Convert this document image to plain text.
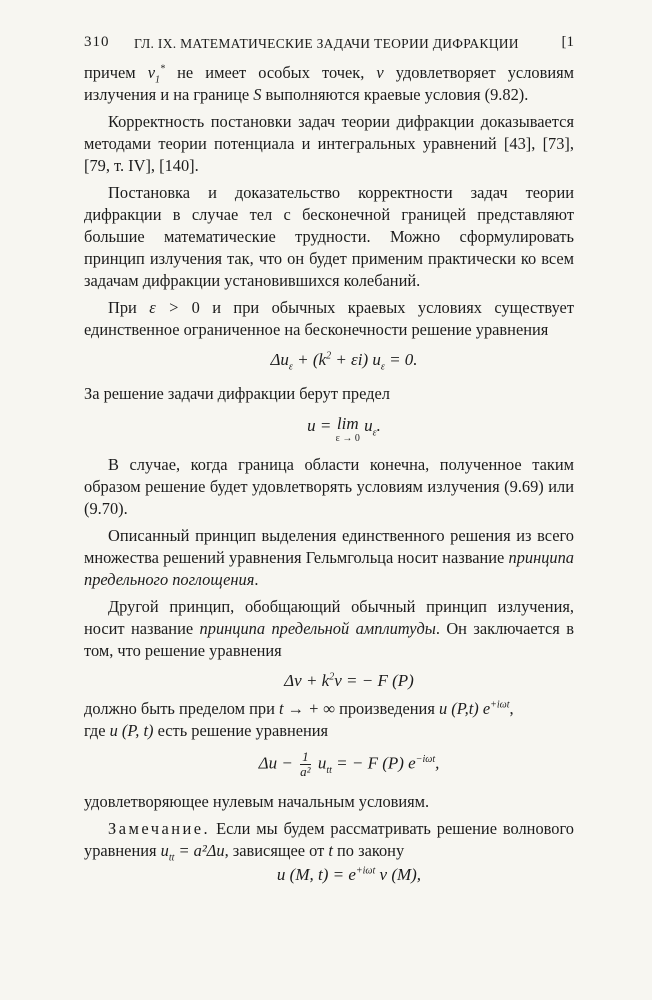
310 ГЛ. IX. МАТЕМАТИЧЕСКИЕ ЗАДАЧИ ТЕОРИИ ДИФРАКЦИИ	[1

причем $v_1^*$ не имеет особых точек, v удовлетворяет условиям излучения и на границе S выполняются краевые условия (9.82).

Корректность постановки задач теории дифракции доказывается методами теории потенциала и интегральных уравнений [43], [73], [79, т. IV], [140].

Постановка и доказательство корректности задач теории дифракции в случае тел с бесконечной границей представляют большие математические трудности. Можно сформулировать принцип излучения так, что он будет применим практически ко всем задачам дифракции установившихся колебаний.

При ε > 0 и при обычных краевых условиях существует единственное ограниченное на бесконечности решение уравнения

$\Delta u_\varepsilon + (k^2 + \varepsilon i) u_\varepsilon = 0$.

За решение задачи дифракции берут предел

u = lim
ε → 0
$u_\varepsilon$.

В случае, когда граница области конечна, полученное таким образом решение будет удовлетворять условиям излучения (9.69) или (9.70).

Описанный принцип выделения единственного решения из всего множества решений уравнения Гельмгольца носит название принципа предельного поглощения.

Другой принцип, обобщающий обычный принцип излучения, носит название принципа предельной амплитуды. Он заключается в том, что решение уравнения

$\Delta v + k^2v$ = − F (P)

должно быть пределом при t → + ∞ произведения u (P,t) $e^{+i\omega t}$,
где u (P, t) есть решение уравнения

$\Delta u - \frac{1}{\text{a²}} u_{tt}$ = − F (P) $e^{-i\omega t}$,

удовлетворяющее нулевым начальным условиям.

Замечание. Если мы будем рассматривать решение волнового уравнения $u_{tt} = a^2\Delta u$, зависящее от t по закону

u (M, $t) = e^{+i\omega t}$ v (M),
